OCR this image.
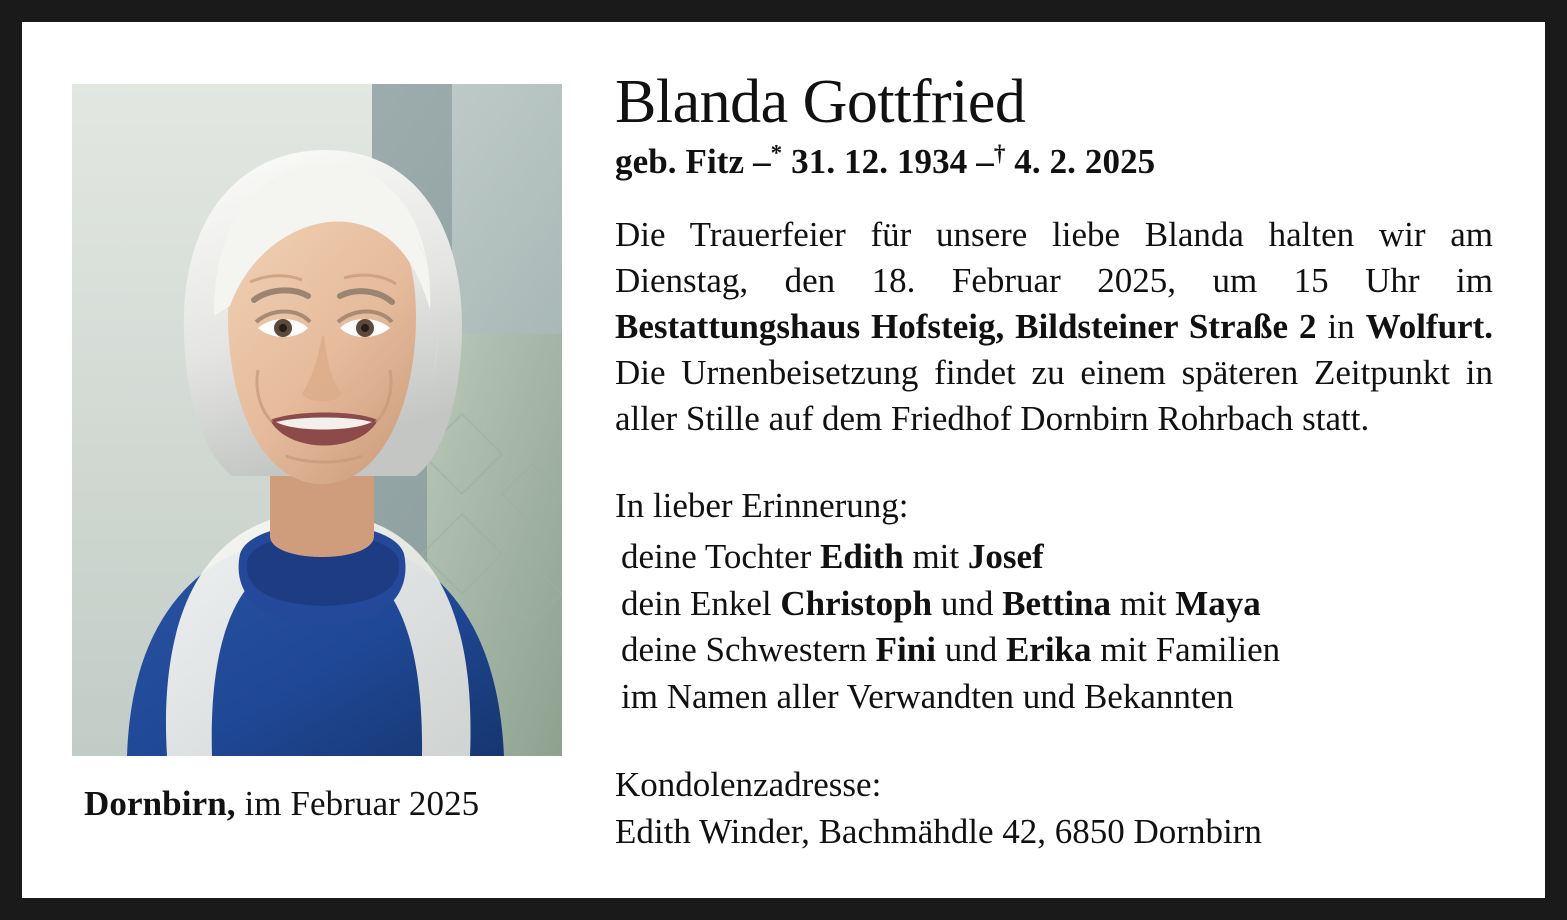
Dornbirn, im Februar 2025
Blanda Gottfried
geb. Fitz –* 31. 12. 1934 –† 4. 2. 2025
Die Trauerfeier für unsere liebe Blanda halten wir am Dienstag, den 18. Februar 2025, um 15 Uhr im Bestattungshaus Hofsteig, Bildsteiner Straße 2 in Wolfurt. Die Urnenbeisetzung findet zu einem späteren Zeitpunkt in aller Stille auf dem Friedhof Dornbirn Rohrbach statt.
In lieber Erinnerung:
deine Tochter Edith mit Josef
dein Enkel Christoph und Bettina mit Maya
deine Schwestern Fini und Erika mit Familien
im Namen aller Verwandten und Bekannten
Kondolenzadresse:
Edith Winder, Bachmähdle 42, 6850 Dornbirn
